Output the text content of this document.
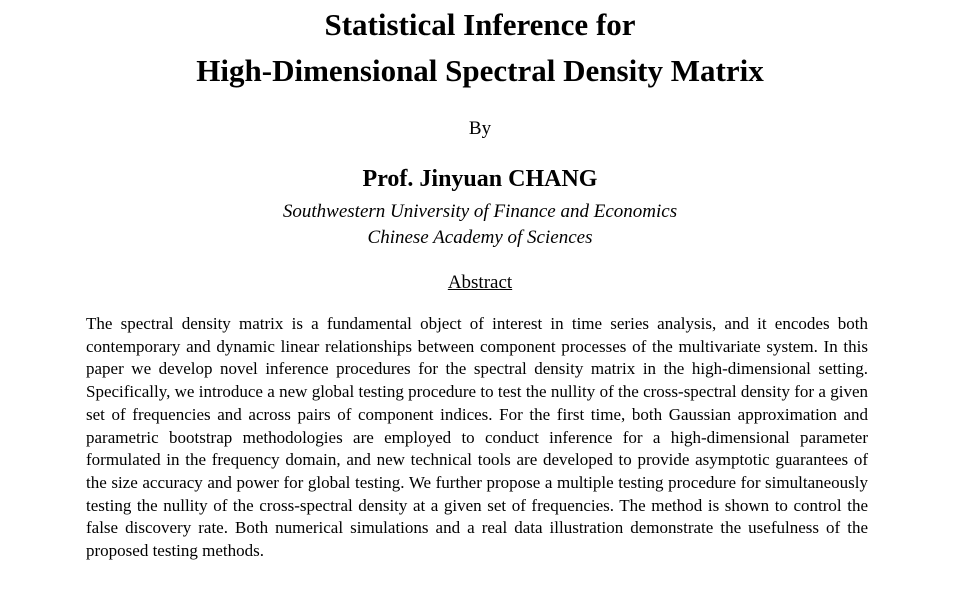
Statistical Inference for
High-Dimensional Spectral Density Matrix
By
Prof. Jinyuan CHANG
Southwestern University of Finance and Economics
Chinese Academy of Sciences
Abstract

The spectral density matrix is a fundamental object of interest in time series analysis, and it encodes both contemporary and dynamic linear relationships between component processes of the multivariate system. In this paper we develop novel inference procedures for the spectral density matrix in the high-dimensional setting. Specifically, we introduce a new global testing procedure to test the nullity of the cross-spectral density for a given set of frequencies and across pairs of component indices. For the first time, both Gaussian approximation and parametric bootstrap methodologies are employed to conduct inference for a high-dimensional parameter formulated in the frequency domain, and new technical tools are developed to provide asymptotic guarantees of the size accuracy and power for global testing. We further propose a multiple testing procedure for simultaneously testing the nullity of the cross-spectral density at a given set of frequencies. The method is shown to control the false discovery rate. Both numerical simulations and a real data illustration demonstrate the usefulness of the proposed testing methods.
